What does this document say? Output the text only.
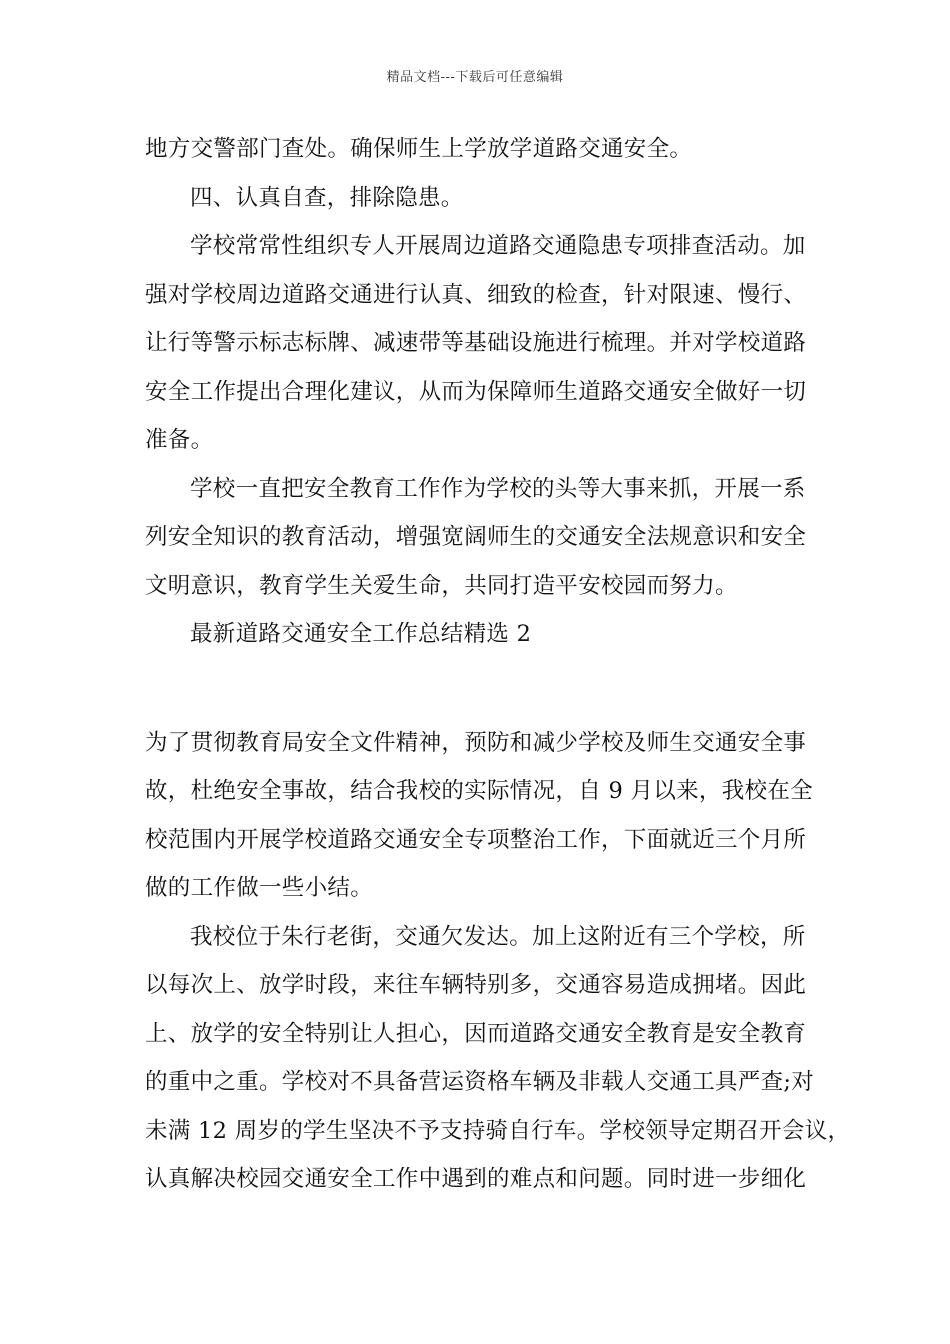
精品文档---下载后可任意编辑
地方交警部门查处。确保师生上学放学道路交通安全。
四、认真自查，排除隐患。
学校常常性组织专人开展周边道路交通隐患专项排查活动。加
强对学校周边道路交通进行认真、细致的检查，针对限速、慢行、
让行等警示标志标牌、减速带等基础设施进行梳理。并对学校道路
安全工作提出合理化建议，从而为保障师生道路交通安全做好一切
准备。
学校一直把安全教育工作作为学校的头等大事来抓，开展一系
列安全知识的教育活动，增强宽阔师生的交通安全法规意识和安全
文明意识，教育学生关爱生命，共同打造平安校园而努力。
最新道路交通安全工作总结精选 2
为了贯彻教育局安全文件精神，预防和减少学校及师生交通安全事
故，杜绝安全事故，结合我校的实际情况，自 9 月以来，我校在全
校范围内开展学校道路交通安全专项整治工作，下面就近三个月所
做的工作做一些小结。
我校位于朱行老街，交通欠发达。加上这附近有三个学校，所
以每次上、放学时段，来往车辆特别多，交通容易造成拥堵。因此
上、放学的安全特别让人担心，因而道路交通安全教育是安全教育
的重中之重。学校对不具备营运资格车辆及非载人交通工具严查;对
未满 12 周岁的学生坚决不予支持骑自行车。学校领导定期召开会议，
认真解决校园交通安全工作中遇到的难点和问题。同时进一步细化
